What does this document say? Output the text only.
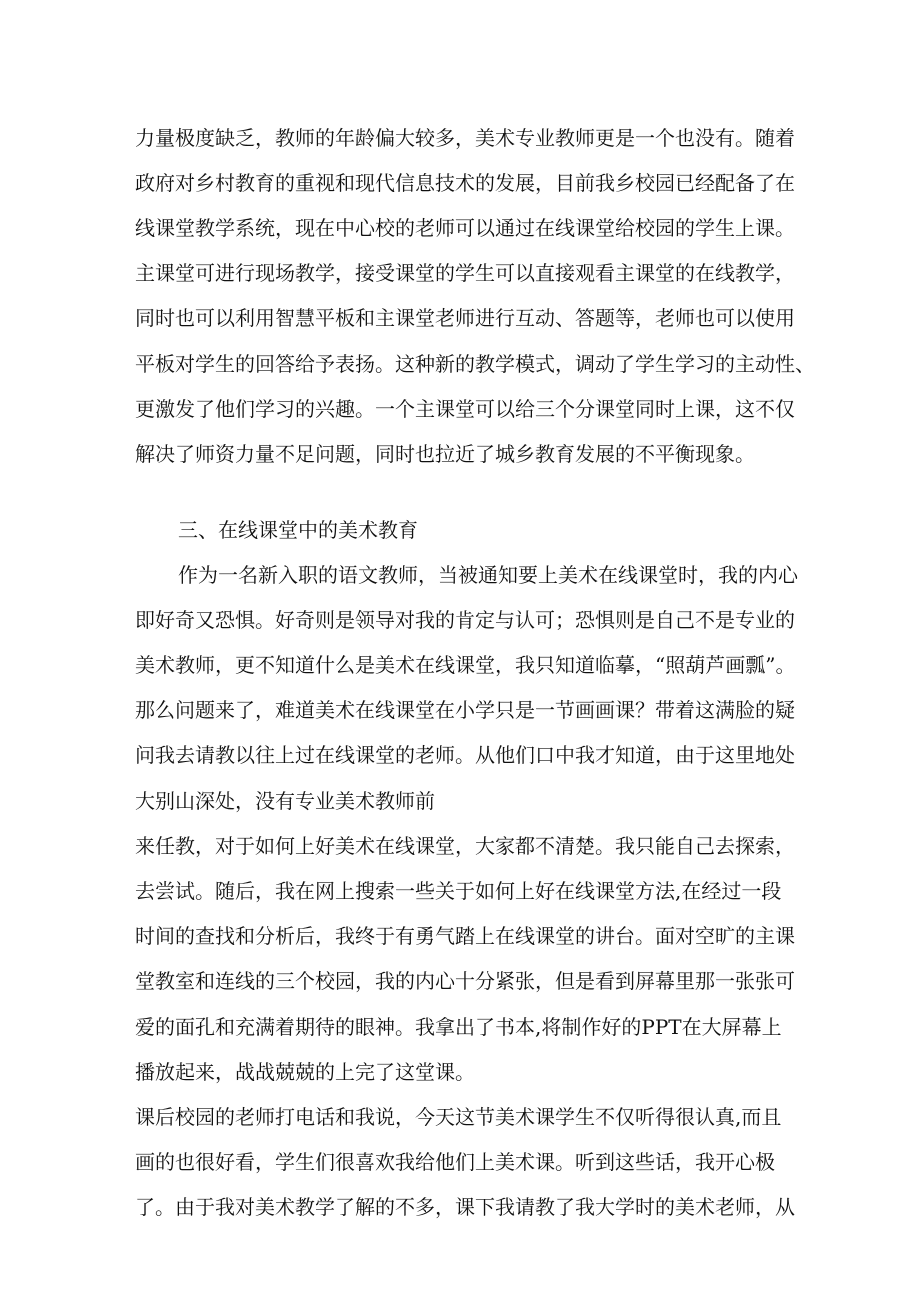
力量极度缺乏，教师的年龄偏大较多，美术专业教师更是一个也没有。随着
政府对乡村教育的重视和现代信息技术的发展，目前我乡校园已经配备了在
线课堂教学系统，现在中心校的老师可以通过在线课堂给校园的学生上课。
主课堂可进行现场教学，接受课堂的学生可以直接观看主课堂的在线教学，
同时也可以利用智慧平板和主课堂老师进行互动、答题等，老师也可以使用
平板对学生的回答给予表扬。这种新的教学模式，调动了学生学习的主动性、
更激发了他们学习的兴趣。一个主课堂可以给三个分课堂同时上课，这不仅
解决了师资力量不足问题，同时也拉近了城乡教育发展的不平衡现象。
三、在线课堂中的美术教育
作为一名新入职的语文教师，当被通知要上美术在线课堂时，我的内心
即好奇又恐惧。好奇则是领导对我的肯定与认可；恐惧则是自己不是专业的
美术教师，更不知道什么是美术在线课堂，我只知道临摹，“照葫芦画瓢”。
那么问题来了，难道美术在线课堂在小学只是一节画画课？带着这满脸的疑
问我去请教以往上过在线课堂的老师。从他们口中我才知道，由于这里地处
大别山深处，没有专业美术教师前
来任教，对于如何上好美术在线课堂，大家都不清楚。我只能自己去探索，
去尝试。随后，我在网上搜索一些关于如何上好在线课堂方法,在经过一段
时间的查找和分析后，我终于有勇气踏上在线课堂的讲台。面对空旷的主课
堂教室和连线的三个校园，我的内心十分紧张，但是看到屏幕里那一张张可
爱的面孔和充满着期待的眼神。我拿出了书本,将制作好的PPT在大屏幕上
播放起来，战战兢兢的上完了这堂课。
课后校园的老师打电话和我说，今天这节美术课学生不仅听得很认真,而且
画的也很好看，学生们很喜欢我给他们上美术课。听到这些话，我开心极
了。由于我对美术教学了解的不多，课下我请教了我大学时的美术老师，从
